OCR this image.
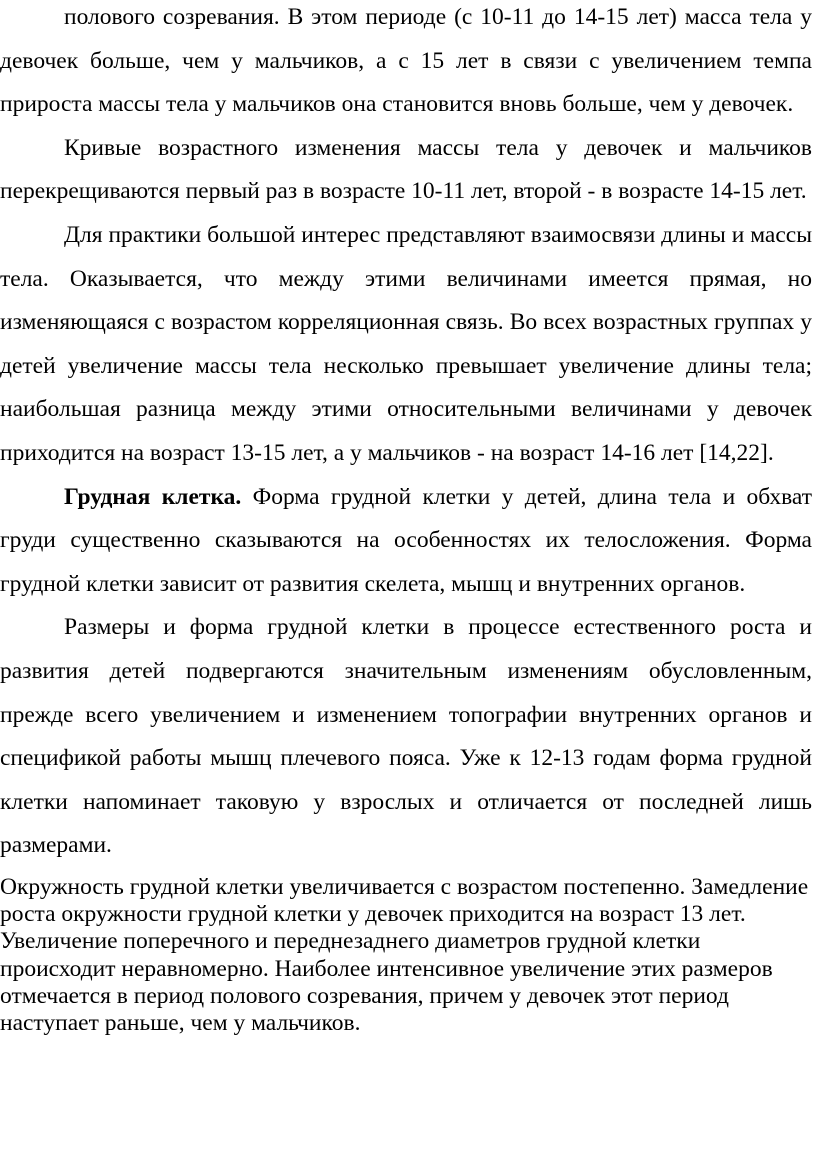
полового созревания. В этом периоде (с 10-11 до 14-15 лет) масса тела у девочек больше, чем у мальчиков, а с 15 лет в связи с увеличением темпа прироста массы тела у мальчиков она становится вновь больше, чем у девочек.

Кривые возрастного изменения массы тела у девочек и мальчиков перекрещиваются первый раз в возрасте 10-11 лет, второй - в возрасте 14-15 лет.

Для практики большой интерес представляют взаимосвязи длины и массы тела. Оказывается, что между этими величинами имеется прямая, но изменяющаяся с возрастом корреляционная связь. Во всех возрастных группах у детей увеличение массы тела несколько превышает увеличение длины тела; наибольшая разница между этими относительными величинами у девочек приходится на возраст 13-15 лет, а у мальчиков - на возраст 14-16 лет [14,22].

Грудная клетка. Форма грудной клетки у детей, длина тела и обхват груди существенно сказываются на особенностях их телосложения. Форма грудной клетки зависит от развития скелета, мышц и внутренних органов.

Размеры и форма грудной клетки в процессе естественного роста и развития детей подвергаются значительным изменениям обусловленным, прежде всего увеличением и изменением топографии внутренних органов и спецификой работы мышц плечевого пояса. Уже к 12-13 годам форма грудной клетки напоминает таковую у взрослых и отличается от последней лишь размерами.

Окружность грудной клетки увеличивается с возрастом постепенно. Замедление роста окружности грудной клетки у девочек приходится на возраст 13 лет. Увеличение поперечного и переднезаднего диаметров грудной клетки происходит неравномерно. Наиболее интенсивное увеличение этих размеров отмечается в период полового созревания, причем у девочек этот период наступает раньше, чем у мальчиков.
